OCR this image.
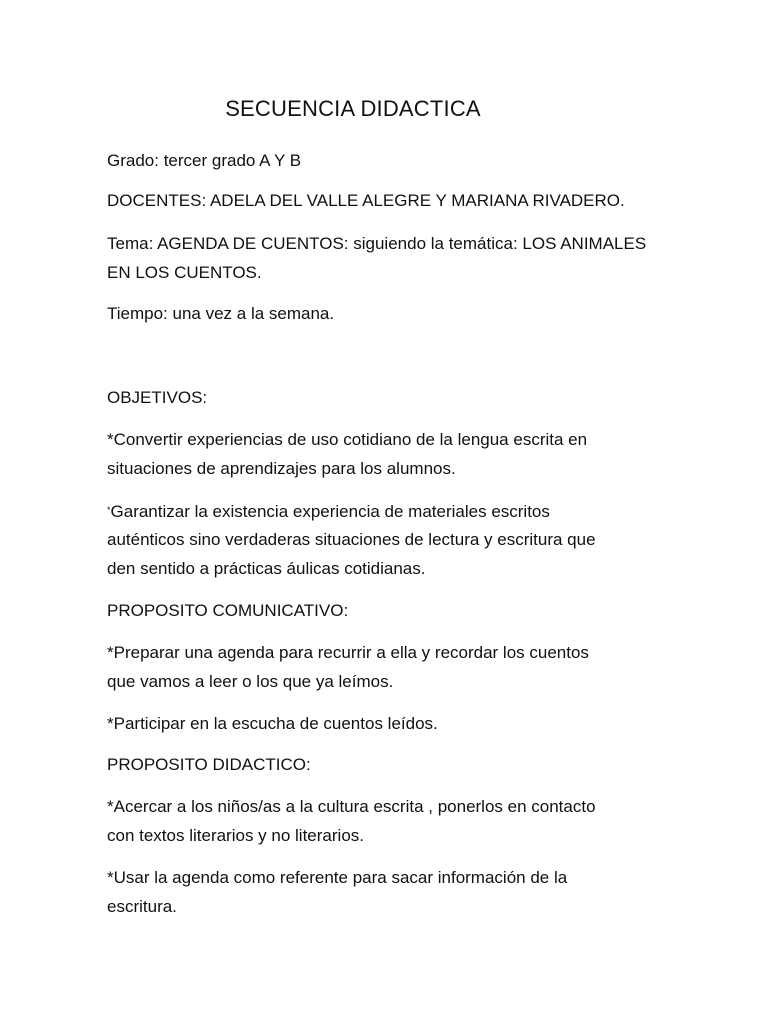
SECUENCIA DIDACTICA
Grado: tercer grado A Y B
DOCENTES: ADELA DEL VALLE ALEGRE Y MARIANA RIVADERO.
Tema: AGENDA DE CUENTOS: siguiendo la temática: LOS ANIMALES
EN LOS CUENTOS.
Tiempo: una vez a la semana.
OBJETIVOS:
*Convertir experiencias de uso cotidiano de la lengua escrita en
situaciones de aprendizajes para los alumnos.
*Garantizar la existencia experiencia de materiales escritos
auténticos sino verdaderas situaciones de lectura y escritura que
den sentido a prácticas áulicas cotidianas.
PROPOSITO COMUNICATIVO:
*Preparar una agenda para recurrir a ella y recordar los cuentos
que vamos a leer o los que ya leímos.
*Participar en la escucha de cuentos leídos.
PROPOSITO DIDACTICO:
*Acercar a los niños/as a la cultura escrita , ponerlos en contacto
con textos literarios y no literarios.
*Usar la agenda como referente para sacar información de la
escritura.
